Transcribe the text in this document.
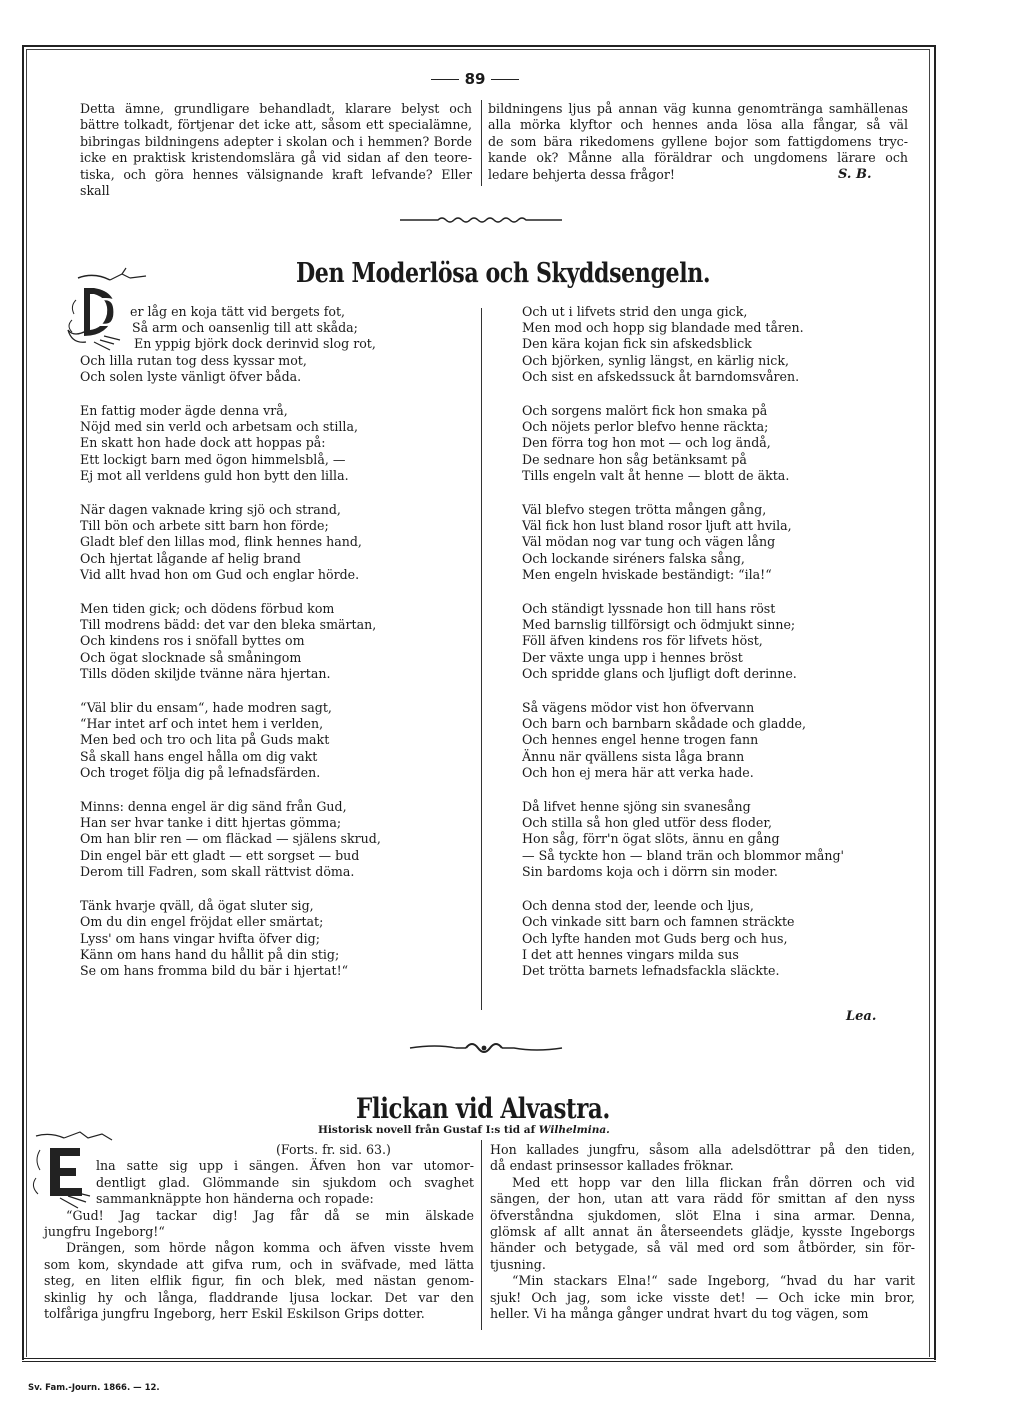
89
Detta ämne, grundligare behandladt, klarare belyst och
bättre tolkadt, förtjenar det icke att, såsom ett specialämne,
bibringas bildningens adepter i skolan och i hemmen? Borde
icke en praktisk kristendomslära gå vid sidan af den teore-
tiska, och göra hennes välsignande kraft lefvande? Eller skall
bildningens ljus på annan väg kunna genomtränga samhällenas
alla mörka klyftor och hennes anda lösa alla fångar, så väl
de som bära rikedomens gyllene bojor som fattigdomens tryc-
kande ok? Månne alla föräldrar och ungdomens lärare och
ledare behjerta dessa frågor!	S. B.
Den Moderlösa och Skyddsengeln.
D er låg en koja tätt vid bergets fot,
Så arm och oansenlig till att skåda;
En yppig björk dock derinvid slog rot,
Och lilla rutan tog dess kyssar mot,
Och solen lyste vänligt öfver båda.
En fattig moder ägde denna vrå,
Nöjd med sin verld och arbetsam och stilla,
En skatt hon hade dock att hoppas på:
Ett lockigt barn med ögon himmelsblå, —
Ej mot all verldens guld hon bytt den lilla.
När dagen vaknade kring sjö och strand,
Till bön och arbete sitt barn hon förde;
Gladt blef den lillas mod, flink hennes hand,
Och hjertat lågande af helig brand
Vid allt hvad hon om Gud och englar hörde.
Men tiden gick; och dödens förbud kom
Till modrens bädd: det var den bleka smärtan,
Och kindens ros i snöfall byttes om
Och ögat slocknade så småningom
Tills döden skiljde tvänne nära hjertan.
“Väl blir du ensam“, hade modren sagt,
“Har intet arf och intet hem i verlden,
Men bed och tro och lita på Guds makt
Så skall hans engel hålla om dig vakt
Och troget följa dig på lefnadsfärden.
Minns: denna engel är dig sänd från Gud,
Han ser hvar tanke i ditt hjertas gömma;
Om han blir ren — om fläckad — själens skrud,
Din engel bär ett gladt — ett sorgset — bud
Derom till Fadren, som skall rättvist döma.
Tänk hvarje qväll, då ögat sluter sig,
Om du din engel fröjdat eller smärtat;
Lyss' om hans vingar hvifta öfver dig;
Känn om hans hand du hållit på din stig;
Se om hans fromma bild du bär i hjertat!“
Och ut i lifvets strid den unga gick,
Men mod och hopp sig blandade med tåren.
Den kära kojan fick sin afskedsblick
Och björken, synlig längst, en kärlig nick,
Och sist en afskedssuck åt barndomsvåren.
Och sorgens malört fick hon smaka på
Och nöjets perlor blefvo henne räckta;
Den förra tog hon mot — och log ändå,
De sednare hon såg betänksamt på
Tills engeln valt åt henne — blott de äkta.
Väl blefvo stegen trötta mången gång,
Väl fick hon lust bland rosor ljuft att hvila,
Väl mödan nog var tung och vägen lång
Och lockande siréners falska sång,
Men engeln hviskade beständigt: “ila!“
Och ständigt lyssnade hon till hans röst
Med barnslig tillförsigt och ödmjukt sinne;
Föll äfven kindens ros för lifvets höst,
Der växte unga upp i hennes bröst
Och spridde glans och ljufligt doft derinne.
Så vägens mödor vist hon öfvervann
Och barn och barnbarn skådade och gladde,
Och hennes engel henne trogen fann
Ännu när qvällens sista låga brann
Och hon ej mera här att verka hade.
Då lifvet henne sjöng sin svanesång
Och stilla så hon gled utför dess floder,
Hon såg, förr'n ögat slöts, ännu en gång
— Så tyckte hon — bland trän och blommor mång'
Sin bardoms koja och i dörrn sin moder.
Och denna stod der, leende och ljus,
Och vinkade sitt barn och famnen sträckte
Och lyfte handen mot Guds berg och hus,
I det att hennes vingars milda sus
Det trötta barnets lefnadsfackla släckte.
Lea.
Flickan vid Alvastra.
Historisk novell från Gustaf I:s tid af Wilhelmina.
E
(Forts. fr. sid. 63.)
lna satte sig upp i sängen. Äfven hon var utomor-
dentligt glad. Glömmande sin sjukdom och svaghet
sammanknäppte hon händerna och ropade:
“Gud! Jag tackar dig! Jag får då se min älskade
jungfru Ingeborg!“
Drängen, som hörde någon komma och äfven visste hvem
som kom, skyndade att gifva rum, och in sväfvade, med lätta
steg, en liten elflik figur, fin och blek, med nästan genom-
skinlig hy och långa, fladdrande ljusa lockar. Det var den
tolfåriga jungfru Ingeborg, herr Eskil Eskilson Grips dotter.
Hon kallades jungfru, såsom alla adelsdöttrar på den tiden,
då endast prinsessor kallades fröknar.
Med ett hopp var den lilla flickan från dörren och vid
sängen, der hon, utan att vara rädd för smittan af den nyss
öfverståndna sjukdomen, slöt Elna i sina armar. Denna,
glömsk af allt annat än återseendets glädje, kysste Ingeborgs
händer och betygade, så väl med ord som åtbörder, sin för-
tjusning.
“Min stackars Elna!“ sade Ingeborg, “hvad du har varit
sjuk! Och jag, som icke visste det! — Och icke min bror,
heller. Vi ha många gånger undrat hvart du tog vägen, som
Sv. Fam.-Journ. 1866. — 12.
